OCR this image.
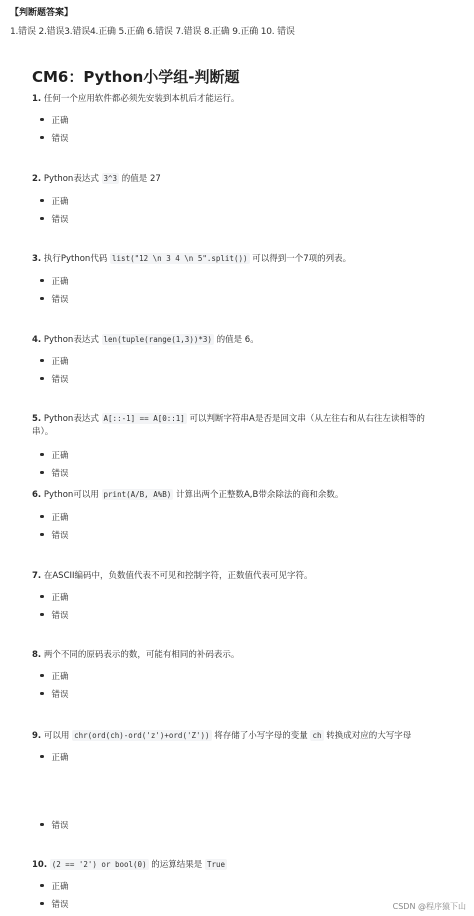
【判断题答案】
1.错误 2.错误3.错误4.正确 5.正确 6.错误 7.错误 8.正确 9.正确 10. 错误
CM6：Python小学组-判断题
1. 任何一个应用软件都必须先安装到本机后才能运行。
正确
错误
2. Python表达式 3^3 的值是 27
正确
错误
3. 执行Python代码 list("12 \n 3 4 \n 5".split()) 可以得到一个7项的列表。
正确
错误
4. Python表达式 len(tuple(range(1,3))*3) 的值是 6。
正确
错误
5. Python表达式 A[::-1] == A[0::1] 可以判断字符串A是否是回文串（从左往右和从右往左读相等的串）。
正确
错误
6. Python可以用 print(A/B, A%B) 计算出两个正整数A,B带余除法的商和余数。
正确
错误
7. 在ASCII编码中，负数值代表不可见和控制字符，正数值代表可见字符。
正确
错误
8. 两个不同的原码表示的数，可能有相同的补码表示。
正确
错误
9. 可以用 chr(ord(ch)-ord('z')+ord('Z')) 将存储了小写字母的变量 ch 转换成对应的大写字母
正确
错误
10. (2 == '2') or bool(0) 的运算结果是 True
正确
错误	CSDN @程序猿下山
